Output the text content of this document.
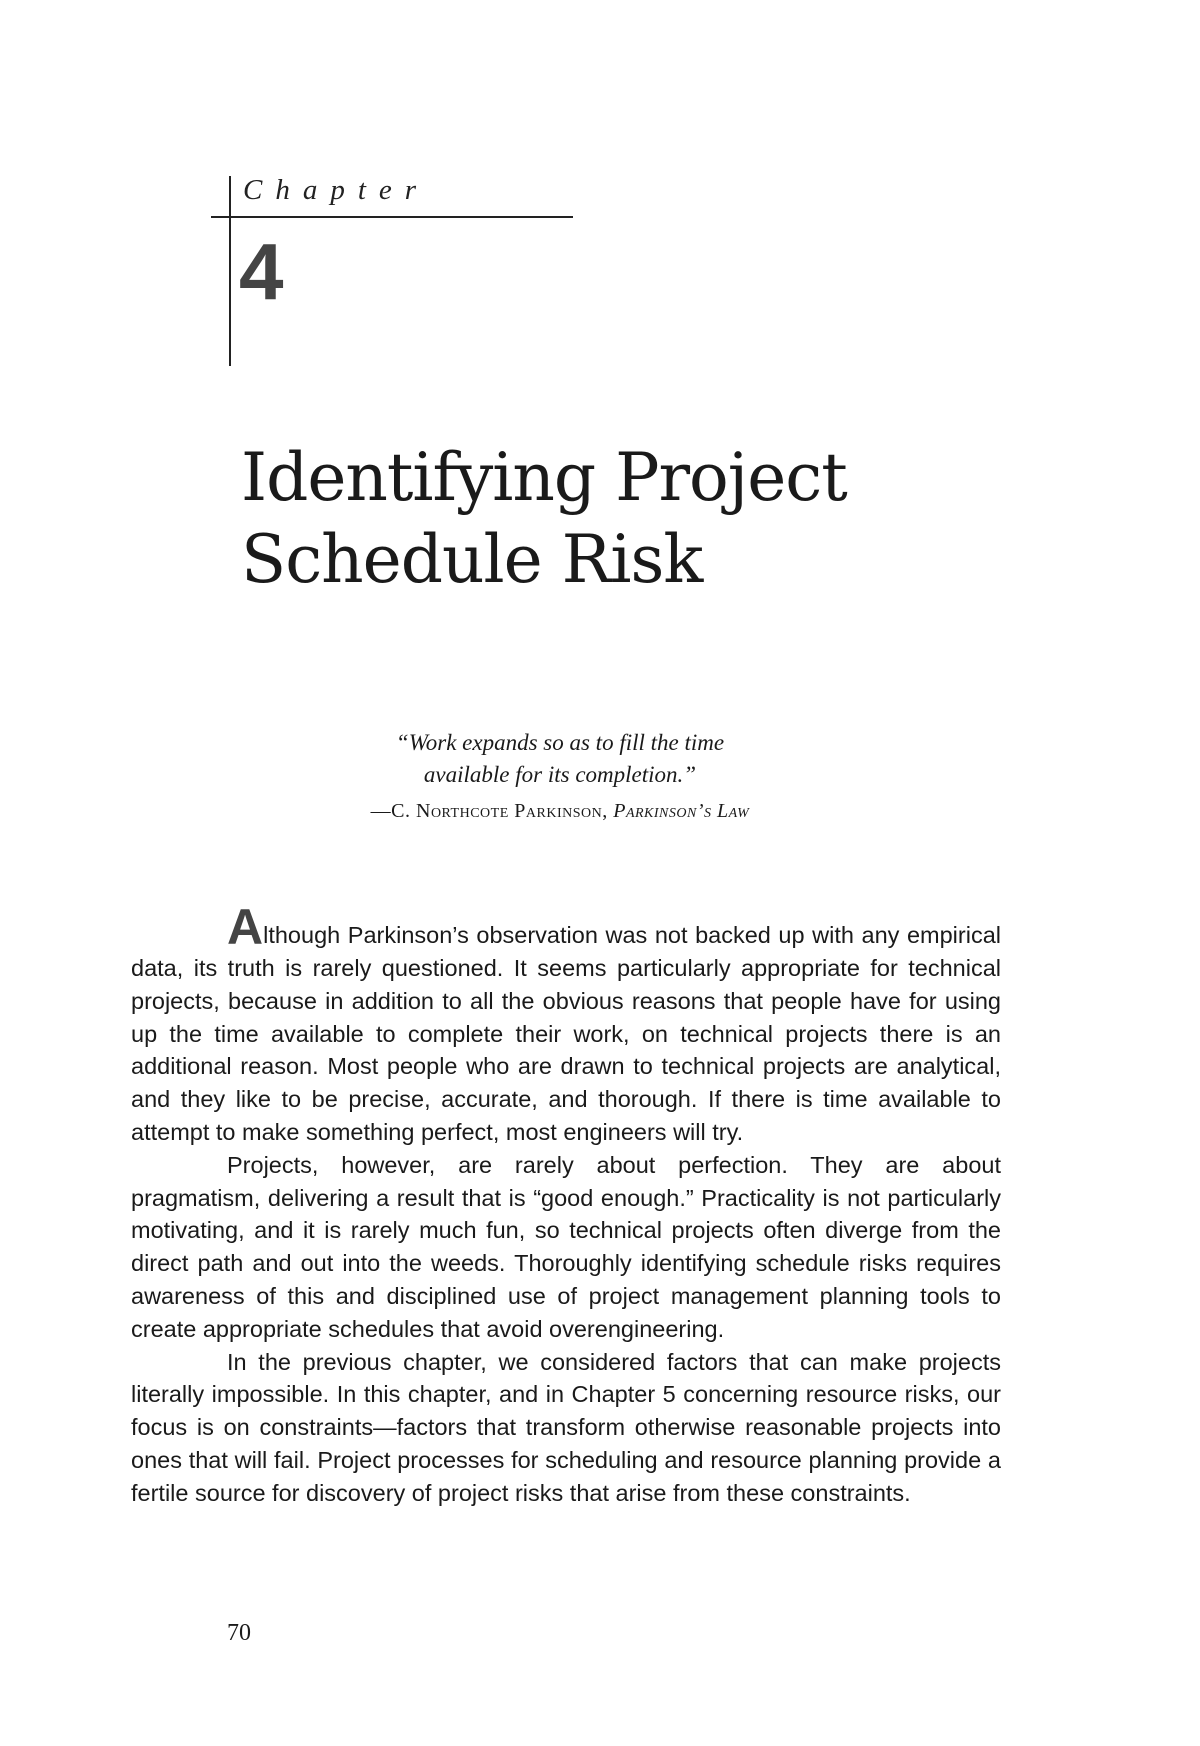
Chapter
4
Identifying Project
Schedule Risk
“Work expands so as to fill the time
available for its completion.”
—C. Northcote Parkinson, Parkinson’s Law

Although Parkinson’s observation was not backed up with any empirical data, its truth is rarely questioned. It seems particularly appropriate for technical projects, because in addition to all the obvious reasons that people have for using up the time available to complete their work, on technical projects there is an additional reason. Most people who are drawn to technical projects are analytical, and they like to be precise, accurate, and thorough. If there is time available to attempt to make something perfect, most engineers will try.

Projects, however, are rarely about perfection. They are about pragmatism, delivering a result that is “good enough.” Practicality is not particularly motivating, and it is rarely much fun, so technical projects often diverge from the direct path and out into the weeds. Thoroughly identifying schedule risks requires awareness of this and disciplined use of project management planning tools to create appropriate schedules that avoid overengineering.

In the previous chapter, we considered factors that can make projects literally impossible. In this chapter, and in Chapter 5 concerning resource risks, our focus is on constraints—factors that transform otherwise reasonable projects into ones that will fail. Project processes for scheduling and resource planning provide a fertile source for discovery of project risks that arise from these constraints.

70
